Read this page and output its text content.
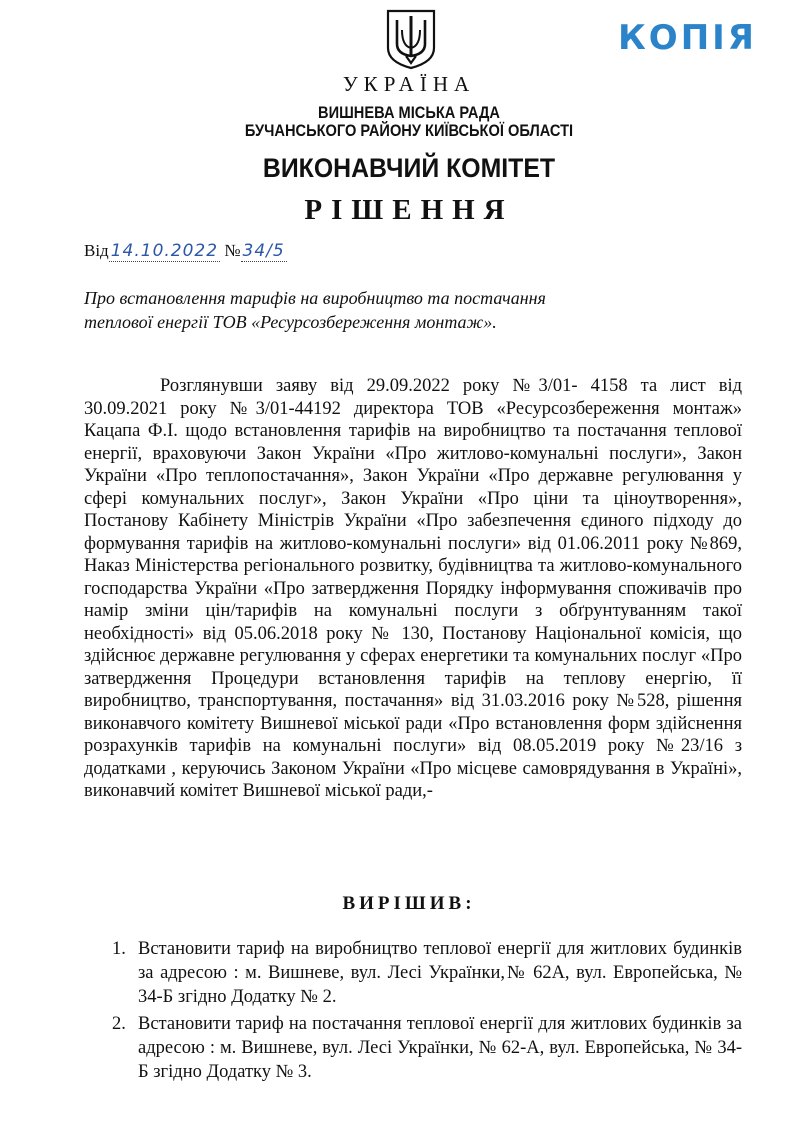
КОПІЯ
УКРАЇНА
ВИШНЕВА МІСЬКА РАДА
БУЧАНСЬКОГО РАЙОНУ КИЇВСЬКОЇ ОБЛАСТІ
ВИКОНАВЧИЙ КОМІТЕТ
РІШЕННЯ
Від 14.10.2022 № 34/5
Про встановлення тарифів на виробництво та постачання теплової енергії ТОВ «Ресурсозбереження монтаж».

Розглянувши заяву від 29.09.2022 року №3/01- 4158 та лист від 30.09.2021 року №3/01-44192 директора ТОВ «Ресурсозбереження монтаж» Кацапа Ф.І. щодо встановлення тарифів на виробництво та постачання теплової енергії, враховуючи Закон України «Про житлово-комунальні послуги», Закон України «Про теплопостачання», Закон України «Про державне регулювання у сфері комунальних послуг», Закон України «Про ціни та ціноутворення», Постанову Кабінету Міністрів України «Про забезпечення єдиного підходу до формування тарифів на житлово-комунальні послуги» від 01.06.2011 року №869, Наказ Міністерства регіонального розвитку, будівництва та житлово-комунального господарства України «Про затвердження Порядку інформування споживачів про намір зміни цін/тарифів на комунальні послуги з обґрунтуванням такої необхідності» від 05.06.2018 року № 130, Постанову Національної комісія, що здійснює державне регулювання у сферах енергетики та комунальних послуг «Про затвердження Процедури встановлення тарифів на теплову енергію, її виробництво, транспортування, постачання» від 31.03.2016 року №528, рішення виконавчого комітету Вишневої міської ради «Про встановлення форм здійснення розрахунків тарифів на комунальні послуги» від 08.05.2019 року №23/16 з додатками , керуючись Законом України «Про місцеве самоврядування в Україні», виконавчий комітет Вишневої міської ради,-

ВИРІШИВ:
1. Встановити тариф на виробництво теплової енергії для житлових будинків за адресою : м. Вишневе, вул. Лесі Українки,№ 62А, вул. Европейська, № 34-Б згідно Додатку № 2.
2. Встановити тариф на постачання теплової енергії для житлових будинків за адресою : м. Вишневе, вул. Лесі Українки, № 62-А, вул. Европейська, № 34-Б згідно Додатку № 3.
